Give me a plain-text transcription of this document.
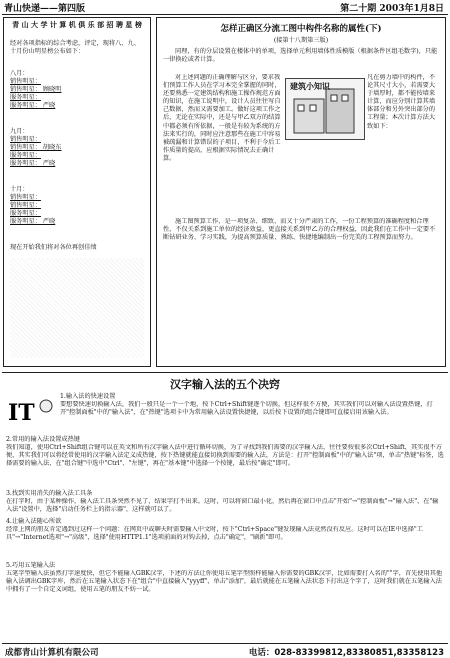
青山快递——第四版	第二十期 2003年1月8日
青 山 大 学 计 算 机 俱 乐 部 招 聘 星 榜
经对各项指标的综合考虑，评定，现将八、九、十月份山明星榜公布如下：
八月：
销售明星：
销售明星： 顾晓明
服务明星：
服务明星： 严晓
九月：
销售明星：
销售明星： 胡晓东
服务明星：
服务明星： 严晓
十月：
销售明星：
销售明星：
服务明星：
服务明星： 严晓
现在开始我们将对各位再创佳绩
怎样正确区分流工图中构件名称的属性(下)
(接第十八期第三版)
同理，有的分层设置在楼体中的单项，选择单元利用墙体性质模版（根据条件区组毛数字)，只能一律换砼或者计算。
对上述问题的正确理解与区分，要求我们预算工作人员在学习本完全掌握的同时，还要熟悉一定建筑结构和施工操作规范方面的知识，在施工说明中，设计人员往往写自己数据，然而又需要加工。做好这项工作之后，无论在实际中，还是与甲乙双方的结算中都必须有所依据，一般是有较为系统的方法来实行的，同时应注意那些在施工中容易被疏漏和计算错误的子项目，不利于今后工作质量的提高，应根据实际情况去正确计算。
建筑小知识
凡在剪力墙中的构件，不论其尺寸大小，若需要大于墙厚时，都不能按墙来计算，而应分别计算其墙体部分和另外突出部分的工程量；本次计算方法大致如下：
施工图预算工作，是一项复杂、细致、而又十分严肃的工作，一份工程预算的准确程度和合理性，不仅关系到施工单位的经济效益，更直接关系到甲乙方的合理权益，因此我们在工作中一定要不断钻研业务、学习实践，为提高预算质量、熟练、快捷地编制出一份完美的工程预算而努力。
汉字输入法的五个决窍
IT
1.输入法的快速设置
要想要快速切换输入法，我们一般只是一个一个地，按下Ctrl+Shift键逐个切换，但这样很不方便，其实我们可以对输入法设置热键，打开"控制面板"中的"输入法"，在"热键"选项卡中为常用输入法设置快捷键，以后按下设置的组合键即可直接启用该输入法。
2.常用的输入法设置成热键
我们知道，使用Ctrl+Shift组合键可以在英文和所有汉字输入法中进行循环切换，为了寻找到我们需要的汉字输入法，往往要按很多次Ctrl+Shift，其实很不方便，其实我们可以将经常使用的汉字输入法定义成热键，按下热键就能直接切换到需要的输入法，方法是：打开"控制面板"中的"输入法"项，单击"热键"标签，选择需要的输入法，在"组合键"中选中"Ctrl"、"左键"，再在"基本键"中选择一个按键，最后按"确定"即可。
3.找到实用消失的输入法工具条
在打字时，由于某种操作，输入法工具条突然不见了，结果字打不出来。这时，可以将窗口最小化，然后再在窗口中点击"开始"→"控制面板"→"输入法"，在"输入法"设置中，选择"启动任务栏上的指示器"，这样就可以了。
4.让输入法随心所欲
经常上网的朋友肯定遇到过这样一个问题：在网页中或聊天时需要输入中文时，按下"Ctrl+Space"键发现输入法竟然没有反应。这时可以在IE中选择"工具"→"Internet选项"→"高级"，选择"使用HTTP1.1"选项前面的对钩去掉，点击"确定"，"刷新"即可。
5.巧用五笔输入法
五笔字型输入法虽然打字速度快，但它不能输入GBK汉字，下述的方法让你使用五笔字型照样能输入你需要的GBK汉字，比如需要打入名的""字，首先使用其他输入法调出GBK字库，然后在五笔输入状态下在"组合"中直接输入"yyyff"，单击"添加"，最后就能在五笔输入法状态下打出这个字了，这时我们就在五笔输入法中拥有了一个自定义词组，使用五笔的朋友不妨一试。
成都青山计算机有限公司	电话：028-83399812,83380851,83358123
